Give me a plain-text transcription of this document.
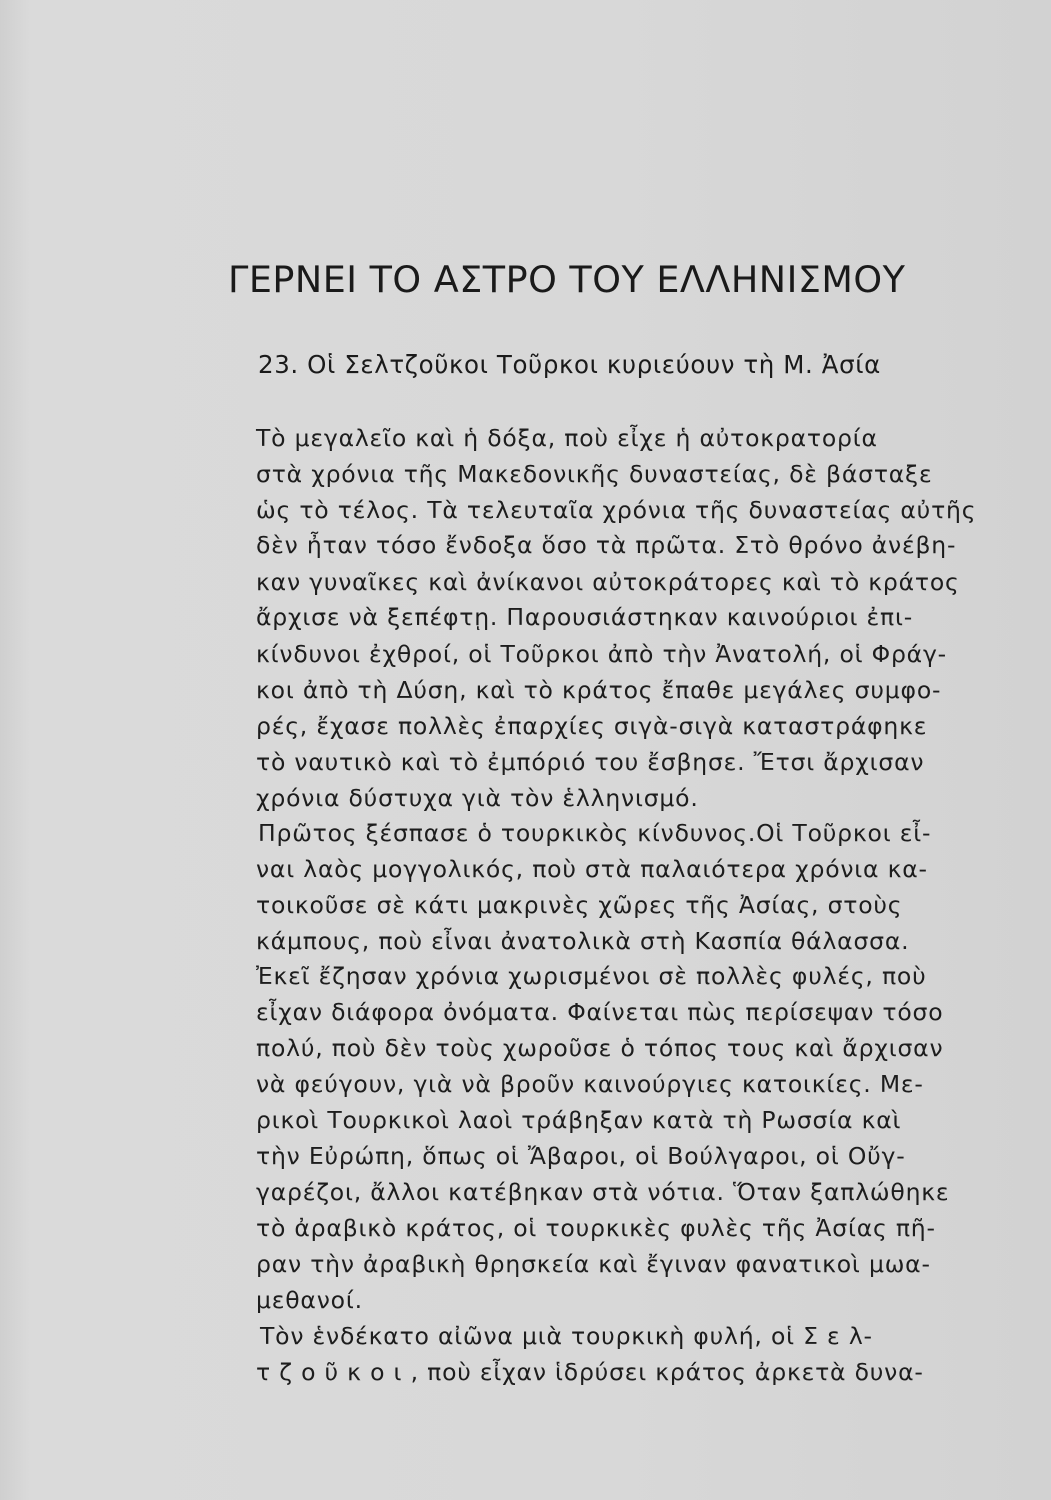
ΓΕΡΝΕΙ ΤΟ ΑΣΤΡΟ ΤΟΥ ΕΛΛΗΝΙΣΜΟΥ
23. Οἱ Σελτζοῦκοι Τοῦρκοι κυριεύουν τὴ Μ. Ἀσία
Τὸ μεγαλεῖο καὶ ἡ δόξα, ποὺ εἶχε ἡ αὐτοκρατορία
στὰ χρόνια τῆς Μακεδονικῆς δυναστείας, δὲ βάσταξε
ὡς τὸ τέλος. Τὰ τελευταῖα χρόνια τῆς δυναστείας αὐτῆς
δὲν ἦταν τόσο ἔνδοξα ὅσο τὰ πρῶτα. Στὸ θρόνο ἀνέβη-
καν γυναῖκες καὶ ἀνίκανοι αὐτοκράτορες καὶ τὸ κράτος
ἄρχισε νὰ ξεπέφτῃ. Παρουσιάστηκαν καινούριοι ἐπι-
κίνδυνοι ἐχθροί, οἱ Τοῦρκοι ἀπὸ τὴν Ἀνατολή, οἱ Φράγ-
κοι ἀπὸ τὴ Δύση, καὶ τὸ κράτος ἔπαθε μεγάλες συμφο-
ρές, ἔχασε πολλὲς ἐπαρχίες σιγὰ-σιγὰ καταστράφηκε
τὸ ναυτικὸ καὶ τὸ ἐμπόριό του ἔσβησε. Ἔτσι ἄρχισαν
χρόνια δύστυχα γιὰ τὸν ἑλληνισμό.
Πρῶτος ξέσπασε ὁ τουρκικὸς κίνδυνος.Οἱ Τοῦρκοι εἶ-
ναι λαὸς μογγολικός, ποὺ στὰ παλαιότερα χρόνια κα-
τοικοῦσε σὲ κάτι μακρινὲς χῶρες τῆς Ἀσίας, στοὺς
κάμπους, ποὺ εἶναι ἀνατολικὰ στὴ Κασπία θάλασσα.
Ἐκεῖ ἔζησαν χρόνια χωρισμένοι σὲ πολλὲς φυλές, ποὺ
εἶχαν διάφορα ὀνόματα. Φαίνεται πὼς περίσεψαν τόσο
πολύ, ποὺ δὲν τοὺς χωροῦσε ὁ τόπος τους καὶ ἄρχισαν
νὰ φεύγουν, γιὰ νὰ βροῦν καινούργιες κατοικίες. Με-
ρικοὶ Τουρκικοὶ λαοὶ τράβηξαν κατὰ τὴ Ρωσσία καὶ
τὴν Εὐρώπη, ὅπως οἱ Ἄβαροι, οἱ Βούλγαροι, οἱ Οὔγ-
γαρέζοι, ἄλλοι κατέβηκαν στὰ νότια. Ὅταν ξαπλώθηκε
τὸ ἀραβικὸ κράτος, οἱ τουρκικὲς φυλὲς τῆς Ἀσίας πῆ-
ραν τὴν ἀραβικὴ θρησκεία καὶ ἔγιναν φανατικοὶ μωα-
μεθανοί.
Τὸν ἑνδέκατο αἰῶνα μιὰ τουρκικὴ φυλή, οἱ Σ ε λ-
τ ζ ο ῦ κ ο ι , ποὺ εἶχαν ἱδρύσει κράτος ἀρκετὰ δυνα-
